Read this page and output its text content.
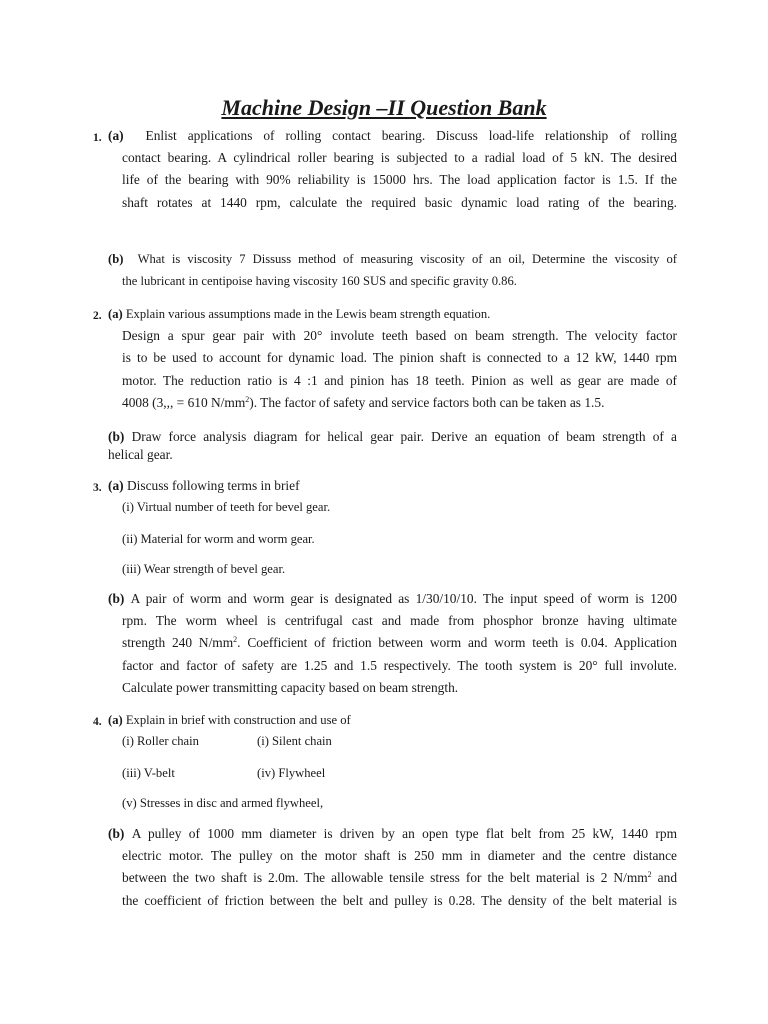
Machine Design –II Question Bank
1. (a) Enlist applications of rolling contact bearing. Discuss load-life relationship of rolling
contact bearing. A cylindrical roller bearing is subjected to a radial load of 5 kN. The desired
life of the bearing with 90% reliability is 15000 hrs. The load application factor is 1.5. If the
shaft rotates at 1440 rpm, calculate the required basic dynamic load rating of the bearing.
(b) What is viscosity 7 Dissuss method of measuring viscosity of an oil, Determine the viscosity of
the lubricant in centipoise having viscosity 160 SUS and specific gravity 0.86.
2. (a) Explain various assumptions made in the Lewis beam strength equation.
Design a spur gear pair with 20° involute teeth based on beam strength. The velocity factor
is to be used to account for dynamic load. The pinion shaft is connected to a 12 kW, 1440 rpm
motor. The reduction ratio is 4 :1 and pinion has 18 teeth. Pinion as well as gear are made of
4008 (3,,, = 610 $N/mm^2$). The factor of safety and service factors both can be taken as 1.5.
(b) Draw force analysis diagram for helical gear pair. Derive an equation of beam strength of a
helical gear.
3. (a) Discuss following terms in brief
(i) Virtual number of teeth for bevel gear.
(ii) Material for worm and worm gear.
(iii) Wear strength of bevel gear.
(b) A pair of worm and worm gear is designated as 1/30/10/10. The input speed of worm is 1200
rpm. The worm wheel is centrifugal cast and made from phosphor bronze having ultimate
strength 240 $N/mm^2$. Coefficient of friction between worm and worm teeth is 0.04. Application
factor and factor of safety are 1.25 and 1.5 respectively. The tooth system is 20° full involute.
Calculate power transmitting capacity based on beam strength.
4. (a) Explain in brief with construction and use of
(i) Roller chain	(i) Silent chain
(iii) V-belt	(iv) Flywheel
(v) Stresses in disc and armed flywheel,
(b) A pulley of 1000 mm diameter is driven by an open type flat belt from 25 kW, 1440 rpm
electric motor. The pulley on the motor shaft is 250 mm in diameter and the centre distance
between the two shaft is 2.0m. The allowable tensile stress for the belt material is 2 $N/mm^2$ and
the coefficient of friction between the belt and pulley is 0.28. The density of the belt material is
